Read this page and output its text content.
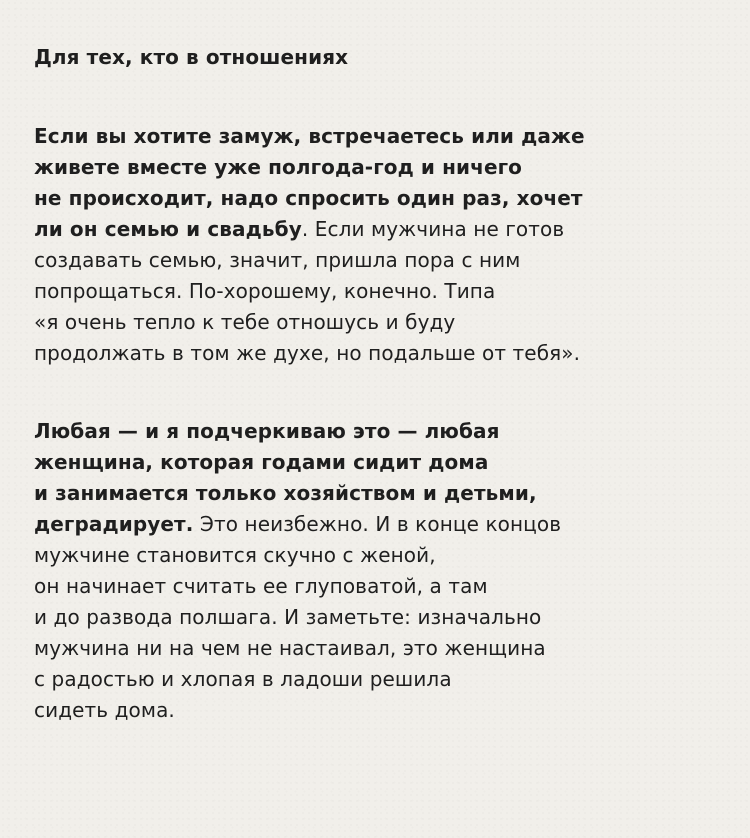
Для тех, кто в отношениях

Если вы хотите замуж, встречаетесь или даже
живете вместе уже полгода-год и ничего
не происходит, надо спросить один раз, хочет
ли он семью и свадьбу. Если мужчина не готов
создавать семью, значит, пришла пора с ним
попрощаться. По-хорошему, конечно. Типа
«я очень тепло к тебе отношусь и буду
продолжать в том же духе, но подальше от тебя».

Любая — и я подчеркиваю это — любая
женщина, которая годами сидит дома
и занимается только хозяйством и детьми,
деградирует. Это неизбежно. И в конце концов
мужчине становится скучно с женой,
он начинает считать ее глуповатой, а там
и до развода полшага. И заметьте: изначально
мужчина ни на чем не настаивал, это женщина
с радостью и хлопая в ладоши решила
сидеть дома.
